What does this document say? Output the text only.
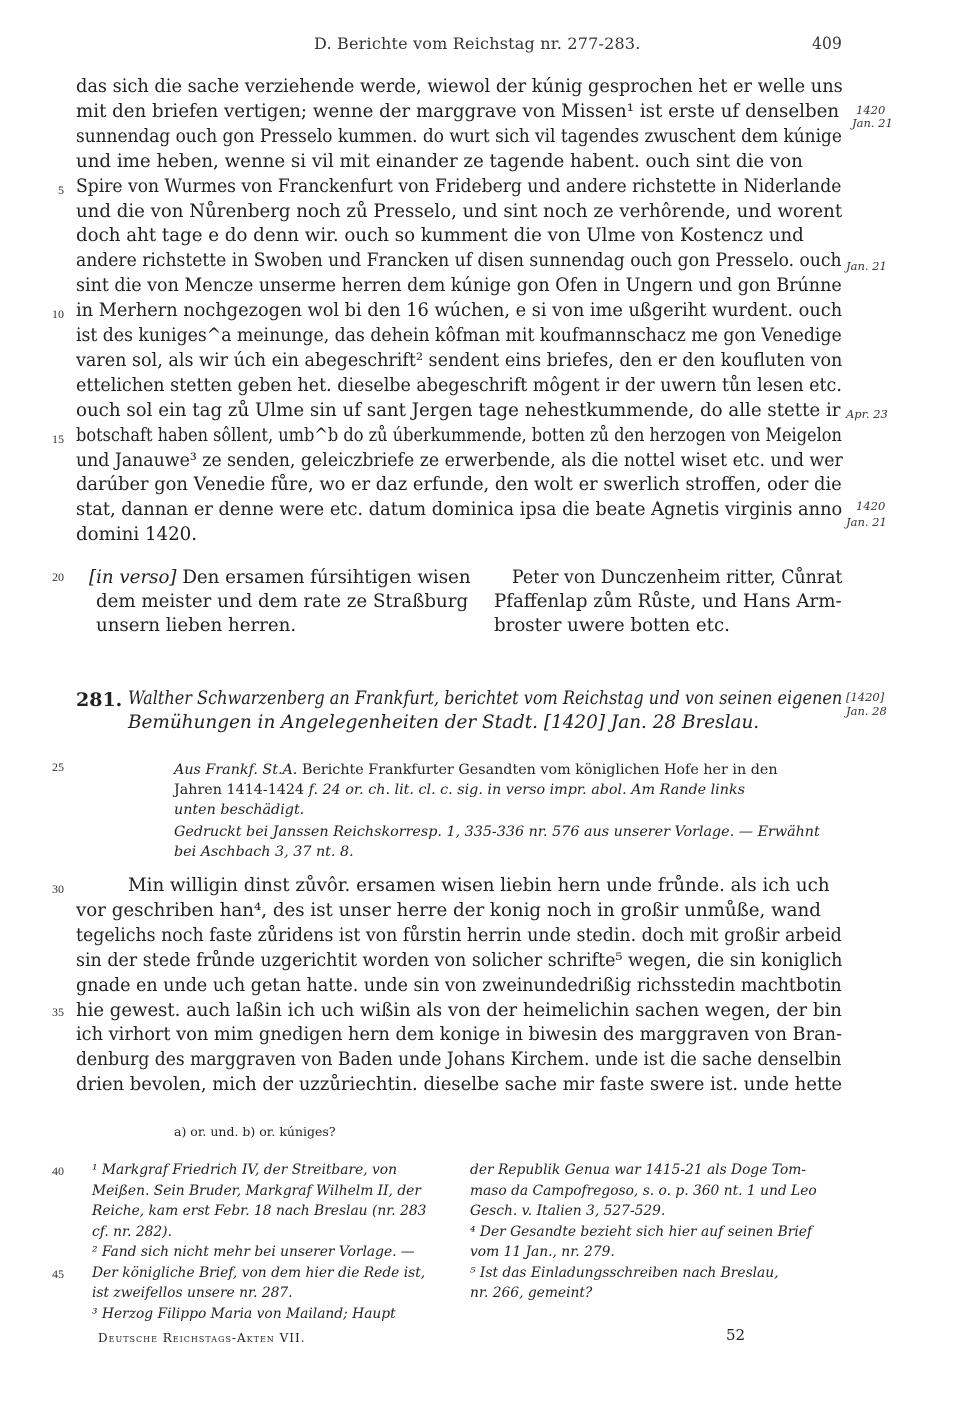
D. Berichte vom Reichstag nr. 277-283.	409
5
10
15
20
25
30
35
40
45
1420
Jan. 21
Jan. 21
Apr. 23
1420
Jan. 21
[1420]
Jan. 28
[in verso] Den ersamen fúrsihtigen wisen
dem meister und dem rate ze Straßburg
unsern lieben herren.
Peter von Dunczenheim ritter, Cůnrat
Pfaffenlap zům Růste, und Hans Arm-
broster uwere botten etc.
281. Walther Schwarzenberg an Frankfurt, berichtet vom Reichstag und von seinen eigenen
Bemühungen in Angelegenheiten der Stadt. [1420] Jan. 28 Breslau.
Aus Frankf. St.A. Berichte Frankfurter Gesandten vom königlichen Hofe her in den
Jahren 1414-1424 f. 24 or. ch. lit. cl. c. sig. in verso impr. abol. Am Rande links
unten beschädigt.
Gedruckt bei Janssen Reichskorresp. 1, 335-336 nr. 576 aus unserer Vorlage. — Erwähnt
bei Aschbach 3, 37 nt. 8.
a) or. und. b) or. kúniges?
Deutsche Reichstags-Akten VII.	52
das sich die sache verziehende werde, wiewol der kúnig gesprochen het er welle uns
mit den briefen vertigen; wenne der marggrave von Missen¹ ist erste uf denselben
sunnendag ouch gon Presselo kummen. do wurt sich vil tagendes zwuschent dem kúnige
und ime heben, wenne si vil mit einander ze tagende habent. ouch sint die von
Spire von Wurmes von Franckenfurt von Frideberg und andere richstette in Niderlande
und die von Nůrenberg noch zů Presselo, und sint noch ze verhôrende, und worent
doch aht tage e do denn wir. ouch so kumment die von Ulme von Kostencz und
andere richstette in Swoben und Francken uf disen sunnendag ouch gon Presselo. ouch
sint die von Mencze unserme herren dem kúnige gon Ofen in Ungern und gon Brúnne
in Merhern nochgezogen wol bi den 16 wúchen, e si von ime ußgeriht wurdent. ouch
ist des kuniges^a meinunge, das dehein kôfman mit koufmannschacz me gon Venedige
varen sol, als wir úch ein abegeschrift² sendent eins briefes, den er den koufluten von
ettelichen stetten geben het. dieselbe abegeschrift môgent ir der uwern tůn lesen etc.
ouch sol ein tag zů Ulme sin uf sant Jergen tage nehestkummende, do alle stette ir
botschaft haben sôllent, umb^b do zů úberkummende, botten zů den herzogen von Meigelon
und Janauwe³ ze senden, geleiczbriefe ze erwerbende, als die nottel wiset etc. und wer
darúber gon Venedie fůre, wo er daz erfunde, den wolt er swerlich stroffen, oder die
stat, dannan er denne were etc. datum dominica ipsa die beate Agnetis virginis anno
domini 1420.
Min willigin dinst zůvôr. ersamen wisen liebin hern unde frůnde. als ich uch
vor geschriben han⁴, des ist unser herre der konig noch in großir unmůße, wand
tegelichs noch faste zůridens ist von fůrstin herrin unde stedin. doch mit großir arbeid
sin der stede frůnde uzgerichtit worden von solicher schrifte⁵ wegen, die sin koniglich
gnade en unde uch getan hatte. unde sin von zweinundedrißig richsstedin machtbotin
hie gewest. auch laßin ich uch wißin als von der heimelichin sachen wegen, der bin
ich virhort von mim gnedigen hern dem konige in biwesin des marggraven von Bran-
denburg des marggraven von Baden unde Johans Kirchem. unde ist die sache denselbin
drien bevolen, mich der uzzůriechtin. dieselbe sache mir faste swere ist. unde hette
¹ Markgraf Friedrich IV, der Streitbare, von
Meißen. Sein Bruder, Markgraf Wilhelm II, der
Reiche, kam erst Febr. 18 nach Breslau (nr. 283
cf. nr. 282).
² Fand sich nicht mehr bei unserer Vorlage. —
Der königliche Brief, von dem hier die Rede ist,
ist zweifellos unsere nr. 287.
³ Herzog Filippo Maria von Mailand; Haupt
der Republik Genua war 1415-21 als Doge Tom-
maso da Campofregoso, s. o. p. 360 nt. 1 und Leo
Gesch. v. Italien 3, 527-529.
⁴ Der Gesandte bezieht sich hier auf seinen Brief
vom 11 Jan., nr. 279.
⁵ Ist das Einladungsschreiben nach Breslau,
nr. 266, gemeint?
